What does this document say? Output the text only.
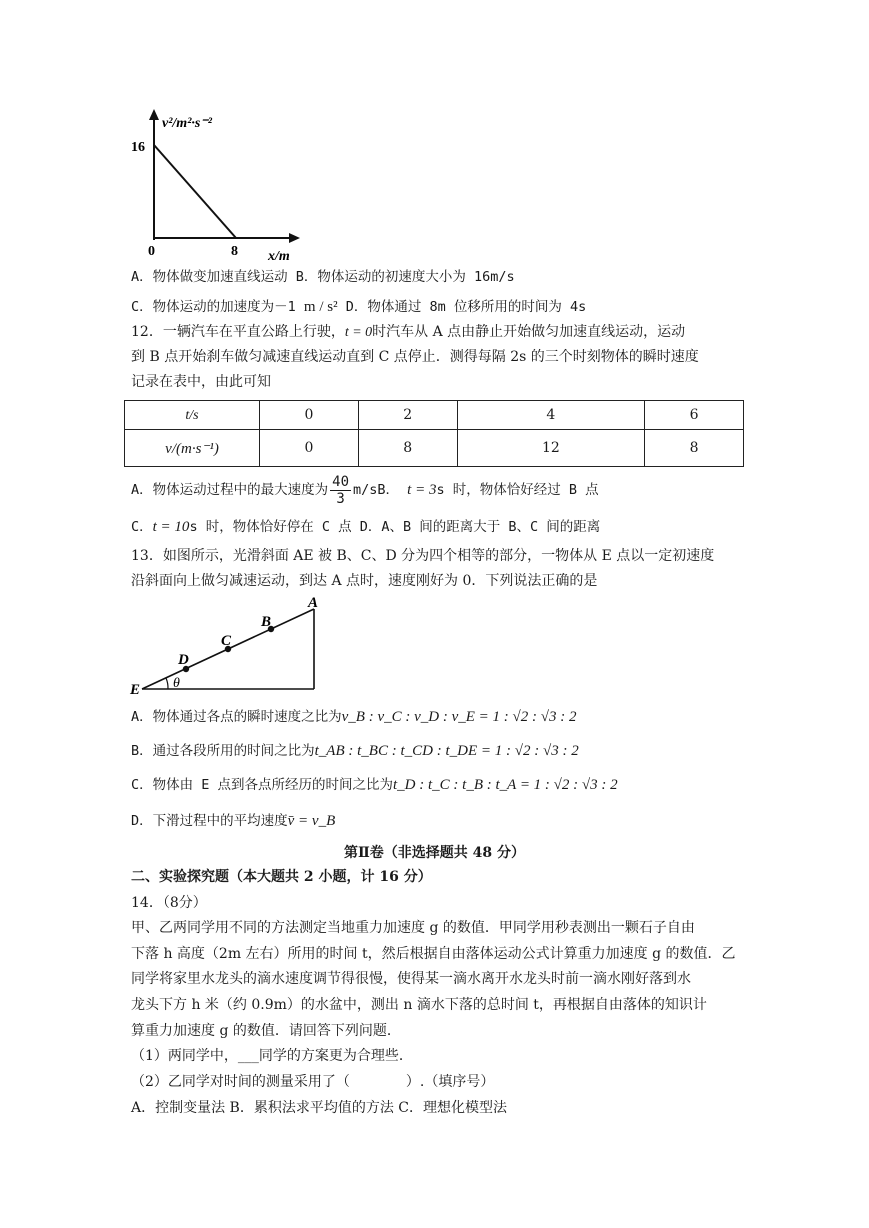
v²/m²·s⁻²
16
0	8 x/m
A．物体做变加速直线运动 B．物体运动的初速度大小为 16m/s
C．物体运动的加速度为－1 m / s² D．物体通过 8m 位移所用的时间为 4s
12．一辆汽车在平直公路上行驶，t = 0时汽车从 A 点由静止开始做匀加速直线运动，运动
到 B 点开始刹车做匀减速直线运动直到 C 点停止．测得每隔 2s 的三个时刻物体的瞬时速度
记录在表中，由此可知
t/s	0	2	4	6
v/(m·s⁻¹)	0	8	12	8
A．物体运动过程中的最大速度为 $\frac{40}{3} m/sB$． t = 3s 时，物体恰好经过 B 点
C．t = 10s 时，物体恰好停在 C 点 D．A、B 间的距离大于 B、C 间的距离
13．如图所示，光滑斜面 AE 被 B、C、D 分为四个相等的部分，一物体从 E 点以一定初速度
沿斜面向上做匀减速运动，到达 A 点时，速度刚好为 0．下列说法正确的是
E θ
D
C
B
A
A．物体通过各点的瞬时速度之比为v_B : v_C : v_D : v_E = 1 : √2 : √3 : 2
B．通过各段所用的时间之比为t_AB : t_BC : t_CD : t_DE = 1 : √2 : √3 : 2
C．物体由 E 点到各点所经历的时间之比为t_D : t_C : t_B : t_A = 1 : √2 : √3 : 2
D．下滑过程中的平均速度v̄ = v_B
第Ⅱ卷（非选择题共 48 分）
二、实验探究题（本大题共 2 小题，计 16 分）
14．（8分）
甲、乙两同学用不同的方法测定当地重力加速度 g 的数值．甲同学用秒表测出一颗石子自由
下落 h 高度（2m 左右）所用的时间 t，然后根据自由落体运动公式计算重力加速度 g 的数值．乙
同学将家里水龙头的滴水速度调节得很慢，使得某一滴水离开水龙头时前一滴水刚好落到水
龙头下方 h 米（约 0.9m）的水盆中，测出 n 滴水下落的总时间 t，再根据自由落体的知识计
算重力加速度 g 的数值．请回答下列问题．
（1）两同学中，___同学的方案更为合理些．
（2）乙同学对时间的测量采用了（　　　　）.（填序号）
A．控制变量法 B．累积法求平均值的方法 C．理想化模型法
